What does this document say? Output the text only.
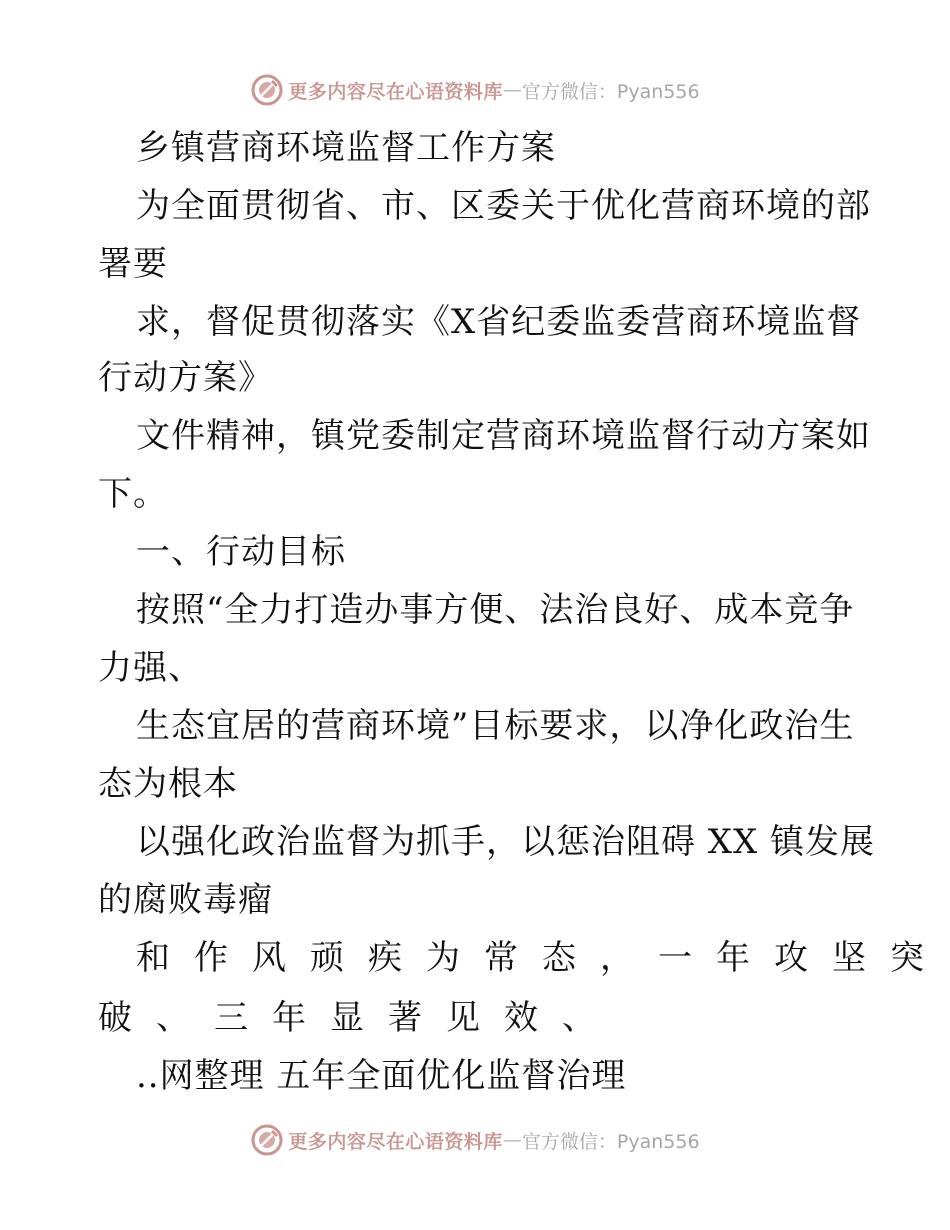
更多内容尽在心语资料库 — 官方微信：Pyan556
乡镇营商环境监督工作方案
为全面贯彻省、市、区委关于优化营商环境的部
署要
求，督促贯彻落实《X省纪委监委营商环境监督
行动方案》
文件精神，镇党委制定营商环境监督行动方案如
下。
一、行动目标
按照“全力打造办事方便、法治良好、成本竞争
力强、
生态宜居的营商环境”目标要求，以净化政治生
态为根本
以强化政治监督为抓手，以惩治阻碍 XX 镇发展
的腐败毒瘤
和作风顽疾为常态，一年攻坚突
破、三年显著见效、
..网整理 五年全面优化监督治理
更多内容尽在心语资料库 — 官方微信：Pyan556
